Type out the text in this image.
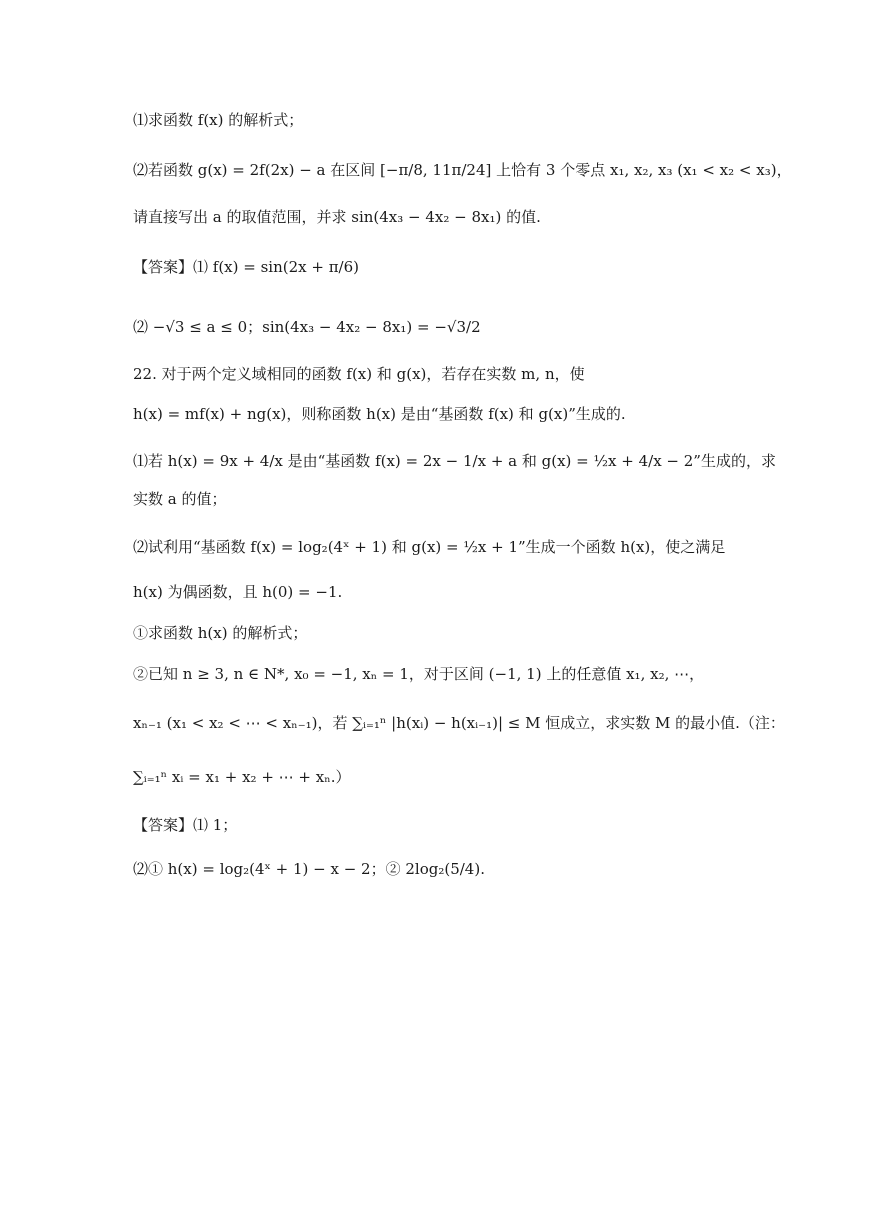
⑴求函数 f(x) 的解析式；
⑵若函数 g(x) = 2f(2x) − a 在区间 [−π/8, 11π/24] 上恰有 3 个零点 x₁, x₂, x₃ (x₁ < x₂ < x₃)，
请直接写出 a 的取值范围，并求 sin(4x₃ − 4x₂ − 8x₁) 的值.
【答案】⑴ f(x) = sin(2x + π/6)
⑵ −√3 ≤ a ≤ 0；sin(4x₃ − 4x₂ − 8x₁) = −√3/2
22. 对于两个定义域相同的函数 f(x) 和 g(x)，若存在实数 m, n，使
h(x) = mf(x) + ng(x)，则称函数 h(x) 是由“基函数 f(x) 和 g(x)”生成的.
⑴若 h(x) = 9x + 4/x 是由“基函数 f(x) = 2x − 1/x + a 和 g(x) = ½x + 4/x − 2”生成的，求
实数 a 的值；
⑵试利用“基函数 f(x) = log₂(4ˣ + 1) 和 g(x) = ½x + 1”生成一个函数 h(x)，使之满足
h(x) 为偶函数，且 h(0) = −1.
①求函数 h(x) 的解析式；
②已知 n ≥ 3, n ∈ N*, x₀ = −1, xₙ = 1，对于区间 (−1, 1) 上的任意值 x₁, x₂, ⋯，
xₙ₋₁ (x₁ < x₂ < ⋯ < xₙ₋₁)，若 ∑ᵢ₌₁ⁿ |h(xᵢ) − h(xᵢ₋₁)| ≤ M 恒成立，求实数 M 的最小值.（注：
∑ᵢ₌₁ⁿ xᵢ = x₁ + x₂ + ⋯ + xₙ.）
【答案】⑴ 1；
⑵① h(x) = log₂(4ˣ + 1) − x − 2；② 2log₂(5/4).
